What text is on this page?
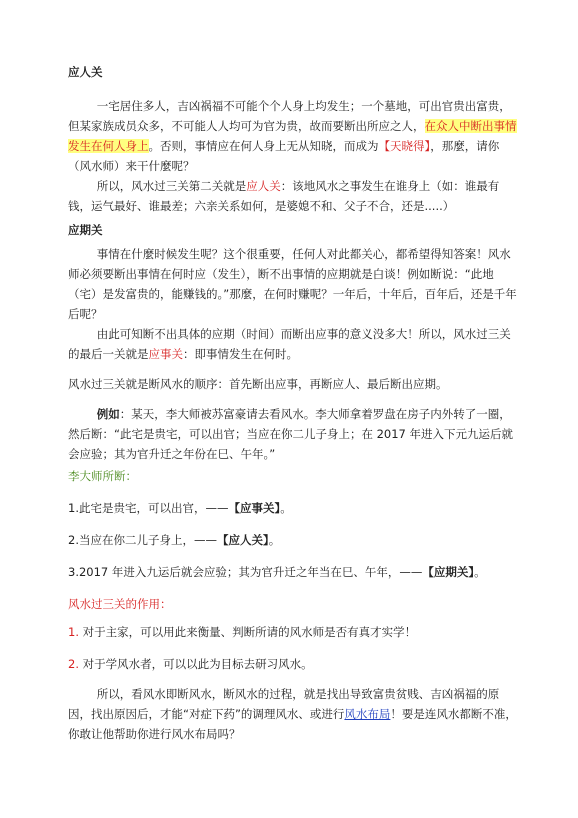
应人关

一宅居住多人，吉凶祸福不可能个个人身上均发生；一个墓地，可出官贵出富贵，但某家族成员众多，不可能人人均可为官为贵，故而要断出所应之人，在众人中断出事情发生在何人身上。否则，事情应在何人身上无从知晓，而成为【天晓得】，那麼，请你（风水师）来干什麼呢？

所以，风水过三关第二关就是应人关：该地风水之事发生在谁身上（如：谁最有钱，运气最好、谁最差；六亲关系如何，是婆媳不和、父子不合，还是.....）

应期关

事情在什麼时候发生呢？这个很重要，任何人对此都关心，都希望得知答案！风水师必须要断出事情在何时应（发生），断不出事情的应期就是白谈！例如断说：“此地（宅）是发富贵的，能赚钱的。”那麼，在何时赚呢？一年后，十年后，百年后，还是千年后呢？

由此可知断不出具体的应期（时间）而断出应事的意义没多大！所以，风水过三关的最后一关就是应事关：即事情发生在何时。

风水过三关就是断风水的顺序：首先断出应事，再断应人、最后断出应期。

例如：某天，李大师被苏富豪请去看风水。李大师拿着罗盘在房子内外转了一圈，然后断：“此宅是贵宅，可以出官；当应在你二儿子身上；在 2017 年进入下元九运后就会应验；其为官升迁之年份在巳、午年。”

李大师所断：

1.此宅是贵宅，可以出官，——【应事关】。

2.当应在你二儿子身上，——【应人关】。

3.2017 年进入九运后就会应验；其为官升迁之年当在巳、午年，——【应期关】。

风水过三关的作用：

1. 对于主家，可以用此来衡量、判断所请的风水师是否有真才实学！

2. 对于学风水者，可以以此为目标去研习风水。

所以，看风水即断风水，断风水的过程，就是找出导致富贵贫贱、吉凶祸福的原因，找出原因后，才能“对症下药”的调理风水、或进行风水布局！要是连风水都断不准，你敢让他帮助你进行风水布局吗？
